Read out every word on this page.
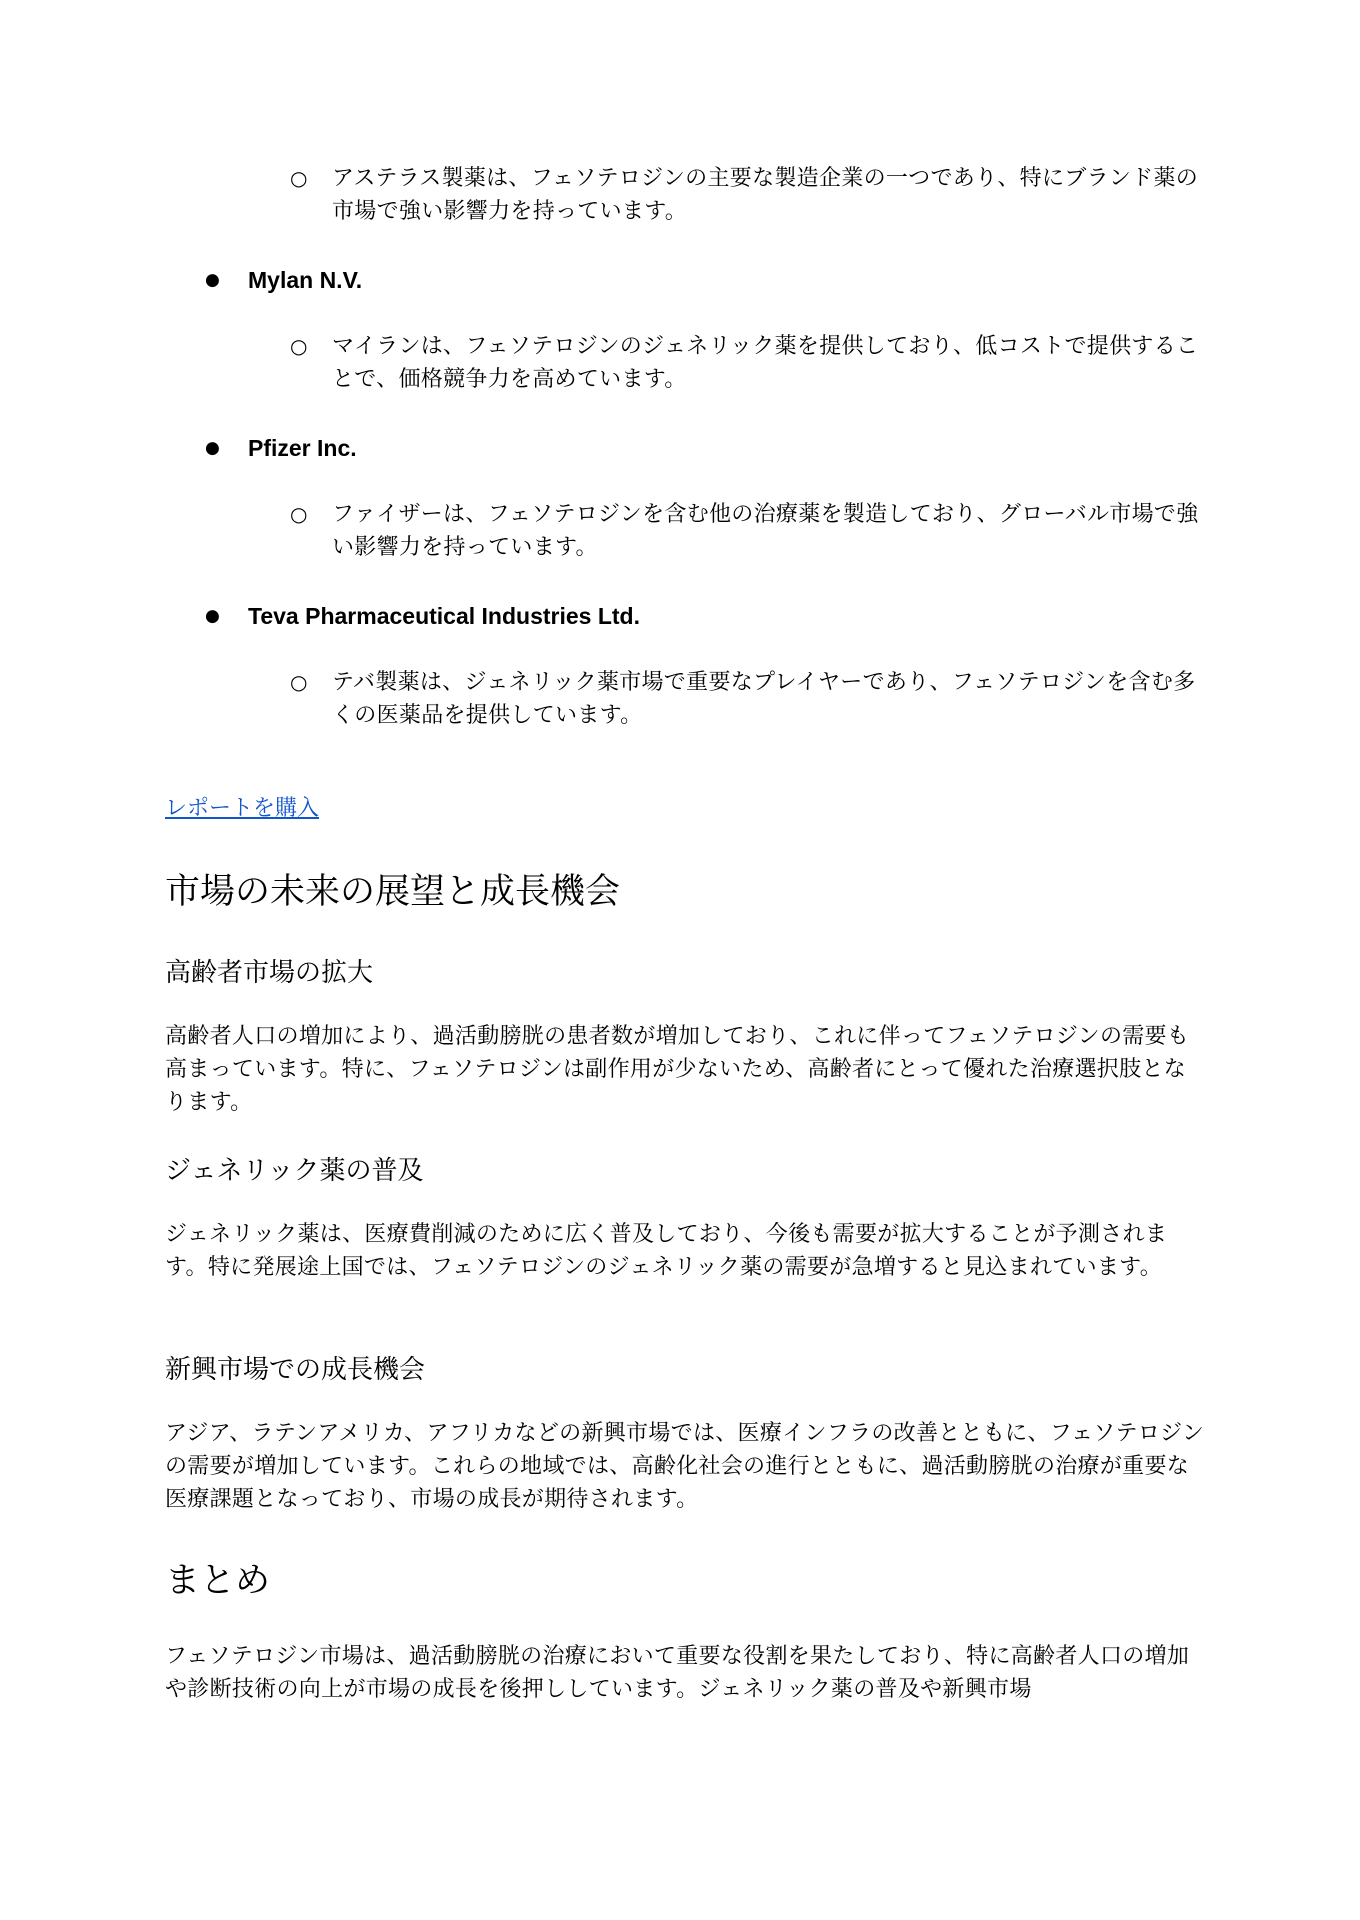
○ アステラス製薬は、フェソテロジンの主要な製造企業の一つであり、特にブランド薬の市場で強い影響力を持っています。
● Mylan N.V.
○ マイランは、フェソテロジンのジェネリック薬を提供しており、低コストで提供することで、価格競争力を高めています。
● Pfizer Inc.
○ ファイザーは、フェソテロジンを含む他の治療薬を製造しており、グローバル市場で強い影響力を持っています。
● Teva Pharmaceutical Industries Ltd.
○ テバ製薬は、ジェネリック薬市場で重要なプレイヤーであり、フェソテロジンを含む多くの医薬品を提供しています。
レポートを購入
市場の未来の展望と成長機会
高齢者市場の拡大

高齢者人口の増加により、過活動膀胱の患者数が増加しており、これに伴ってフェソテロジンの需要も高まっています。特に、フェソテロジンは副作用が少ないため、高齢者にとって優れた治療選択肢となります。

ジェネリック薬の普及

ジェネリック薬は、医療費削減のために広く普及しており、今後も需要が拡大することが予測されます。特に発展途上国では、フェソテロジンのジェネリック薬の需要が急増すると見込まれています。

新興市場での成長機会

アジア、ラテンアメリカ、アフリカなどの新興市場では、医療インフラの改善とともに、フェソテロジンの需要が増加しています。これらの地域では、高齢化社会の進行とともに、過活動膀胱の治療が重要な医療課題となっており、市場の成長が期待されます。

まとめ

フェソテロジン市場は、過活動膀胱の治療において重要な役割を果たしており、特に高齢者人口の増加や診断技術の向上が市場の成長を後押ししています。ジェネリック薬の普及や新興市場
